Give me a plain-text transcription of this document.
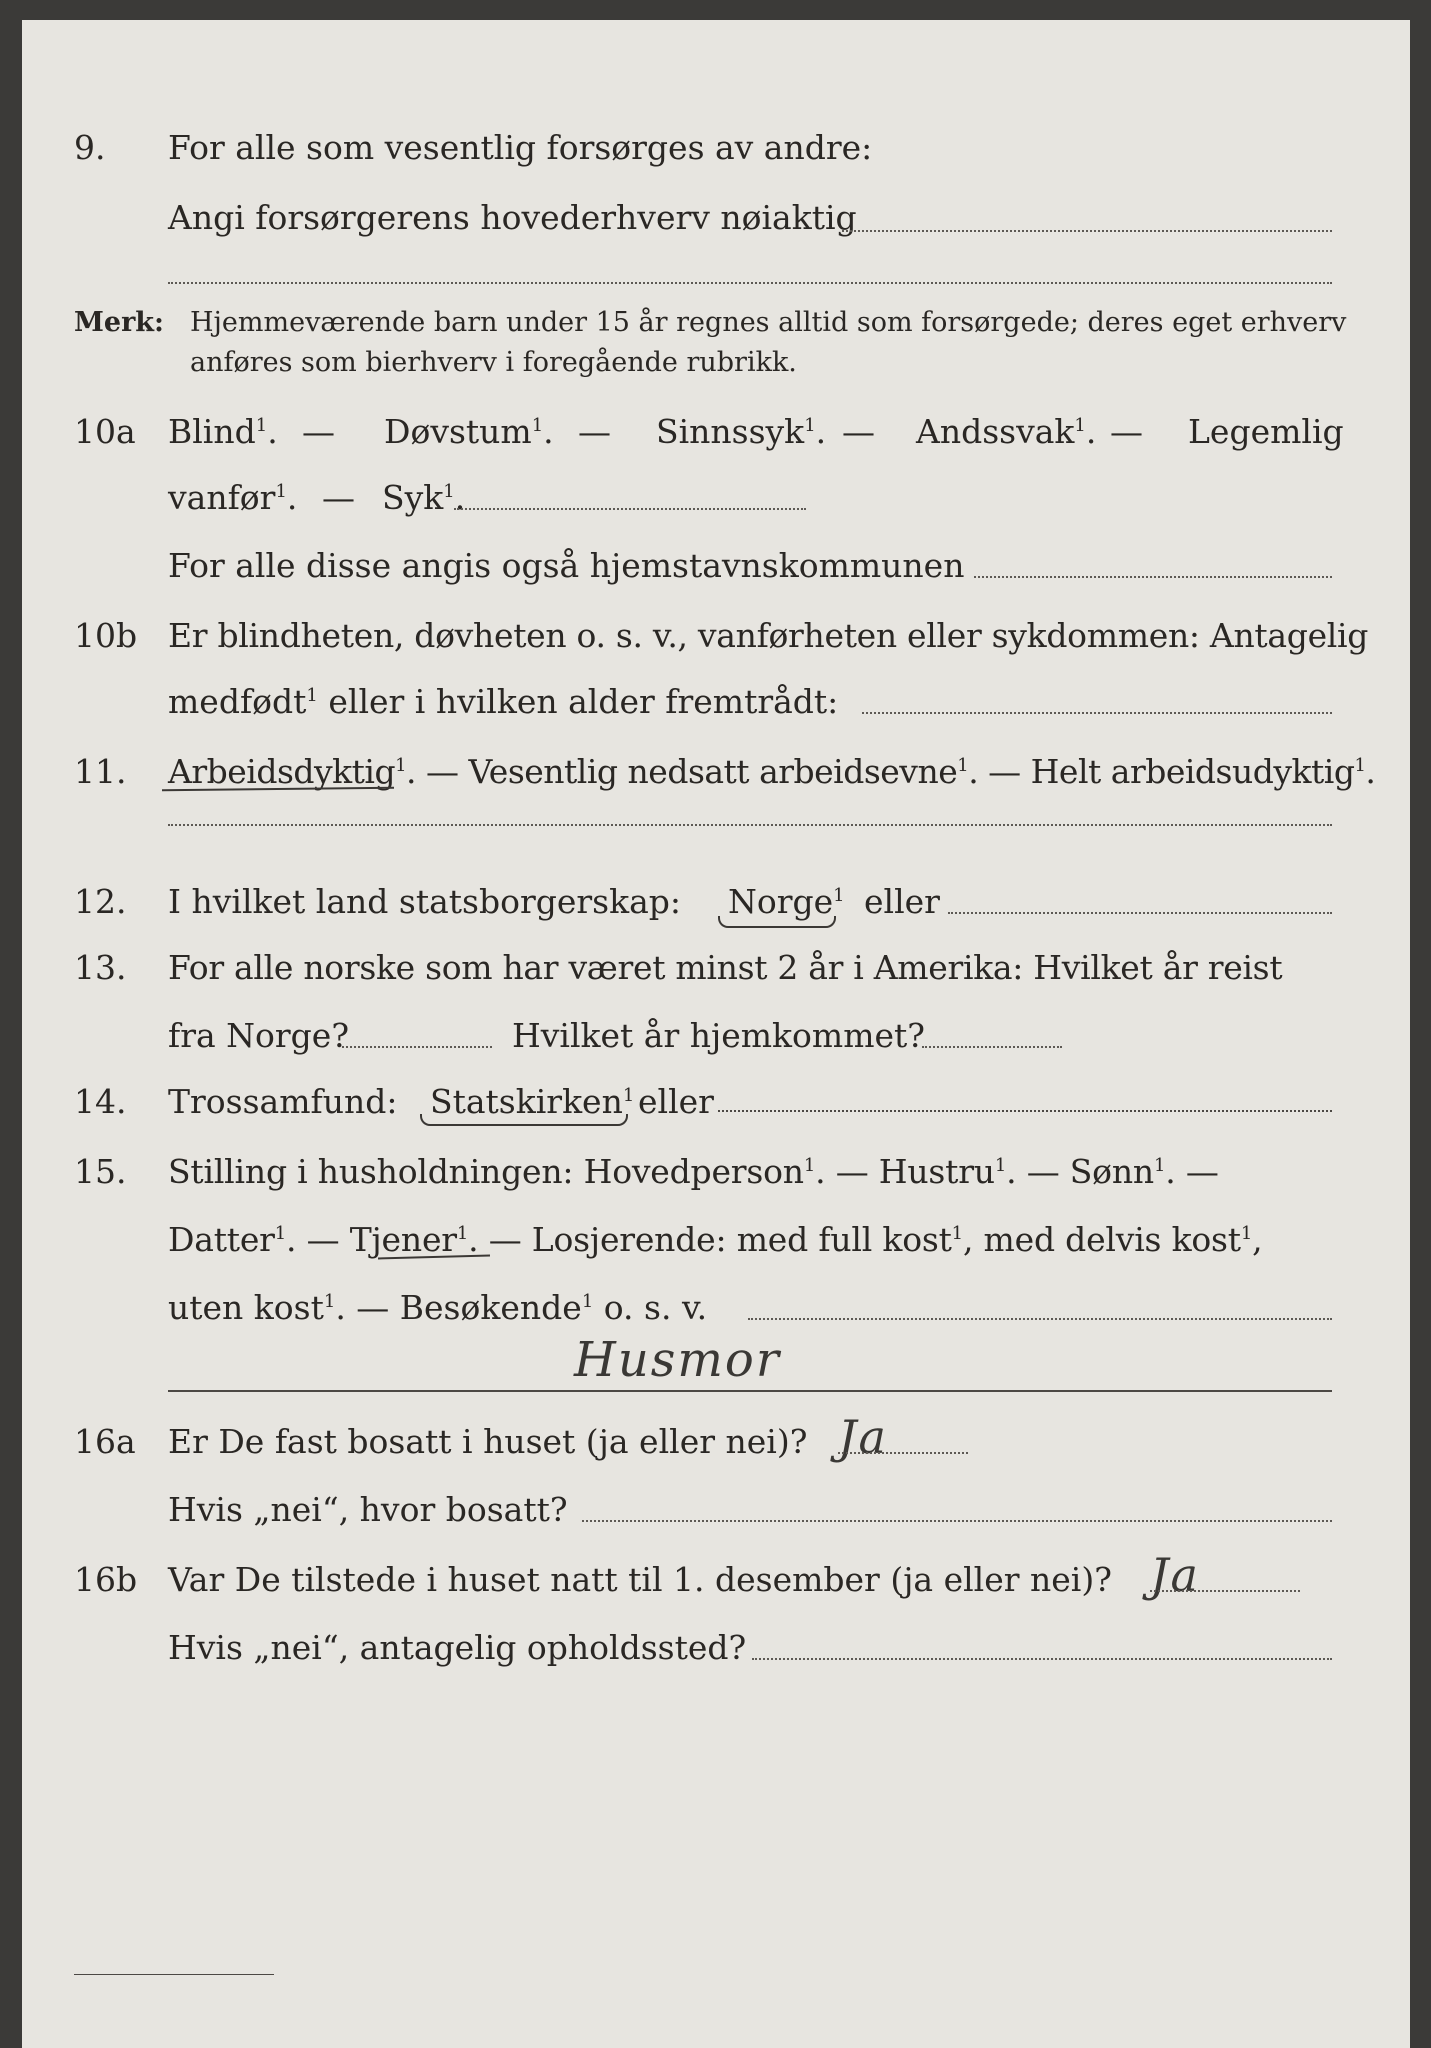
9. For alle som vesentlig forsørges av andre:
Angi forsørgerens hovederhverv nøiaktig
Merk: Hjemmeværende barn under 15 år regnes alltid som forsørgede; deres eget erhverv
anføres som bierhverv i foregående rubrikk.
10a Blind$^1$. — Døvstum$^1$. — Sinnssyk$^1$. — Andssvak$^1$. — Legemlig
vanfør$^1$. — Syk$^1$.
For alle disse angis også hjemstavnskommunen
10b Er blindheten, døvheten o. s. v., vanførheten eller sykdommen: Antagelig
medfødt$^1$ eller i hvilken alder fremtrådt:
11. Arbeidsdyktig$^1$. — Vesentlig nedsatt arbeidsevne$^1$. — Helt arbeidsudyktig$^1$.
12. I hvilket land statsborgerskap: Norge$^1$ eller
13. For alle norske som har været minst 2 år i Amerika: Hvilket år reist
fra Norge?	Hvilket år hjemkommet?
14. Trossamfund: Statskirken$^1$ eller
15. Stilling i husholdningen: Hovedperson$^1$. — Hustru$^1$. — Sønn$^1$. —
Datter$^1$. — Tjener$^1$. — Losjerende: med full kost$^1$, med delvis kost$^1$,
uten kost$^1$. — Besøkende$^1$ o. s. v.
Husmor
16a Er De fast bosatt i huset (ja eller nei)? Ja
Hvis „nei“, hvor bosatt?
16b Var De tilstede i huset natt til 1. desember (ja eller nei)? Ja
Hvis „nei“, antagelig opholdssted?
